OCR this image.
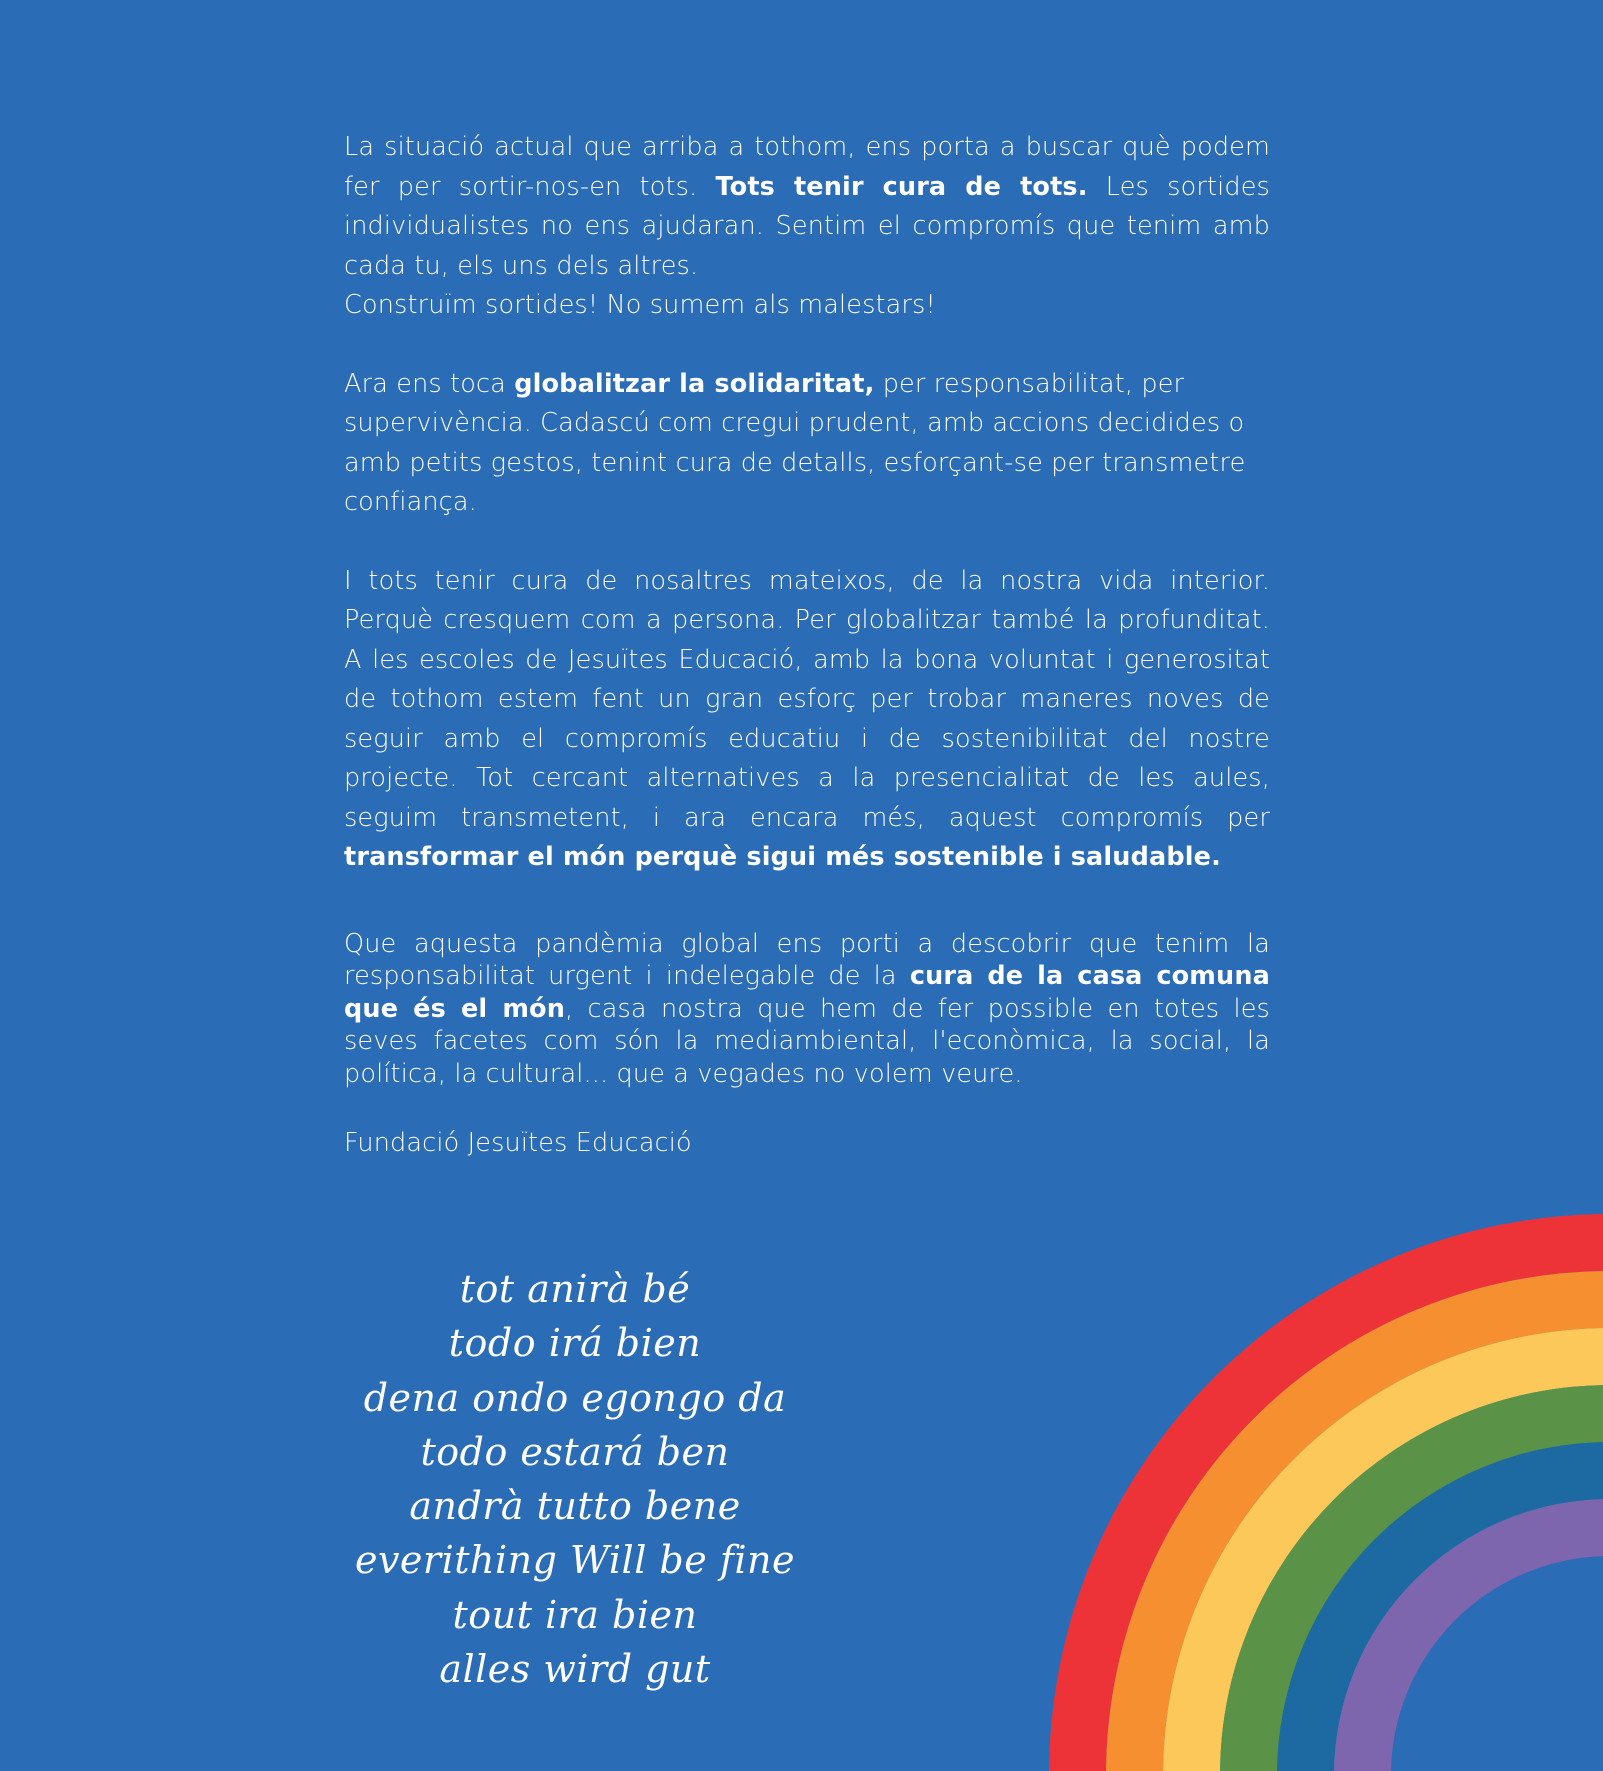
La situació actual que arriba a tothom, ens porta a buscar què podem fer per sortir-nos-en tots. Tots tenir cura de tots. Les sortides individualistes no ens ajudaran. Sentim el compromís que tenim amb cada tu, els uns dels altres.
Construïm sortides! No sumem als malestars!

Ara ens toca globalitzar la solidaritat, per responsabilitat, per supervivència. Cadascú com cregui prudent, amb accions decidides o amb petits gestos, tenint cura de detalls, esforçant-se per transmetre confiança.

I tots tenir cura de nosaltres mateixos, de la nostra vida interior. Perquè cresquem com a persona. Per globalitzar també la profunditat. A les escoles de Jesuïtes Educació, amb la bona voluntat i generositat de tothom estem fent un gran esforç per trobar maneres noves de seguir amb el compromís educatiu i de sostenibilitat del nostre projecte. Tot cercant alternatives a la presencialitat de les aules, seguim transmetent, i ara encara més, aquest compromís per transformar el món perquè sigui més sostenible i saludable.

Que aquesta pandèmia global ens porti a descobrir que tenim la responsabilitat urgent i indelegable de la cura de la casa comuna que és el món, casa nostra que hem de fer possible en totes les seves facetes com són la mediambiental, l'econòmica, la social, la política, la cultural... que a vegades no volem veure.

Fundació Jesuïtes Educació

tot anirà bé
todo irá bien
dena ondo egongo da
todo estará ben
andrà tutto bene
everithing Will be fine
tout ira bien
alles wird gut
